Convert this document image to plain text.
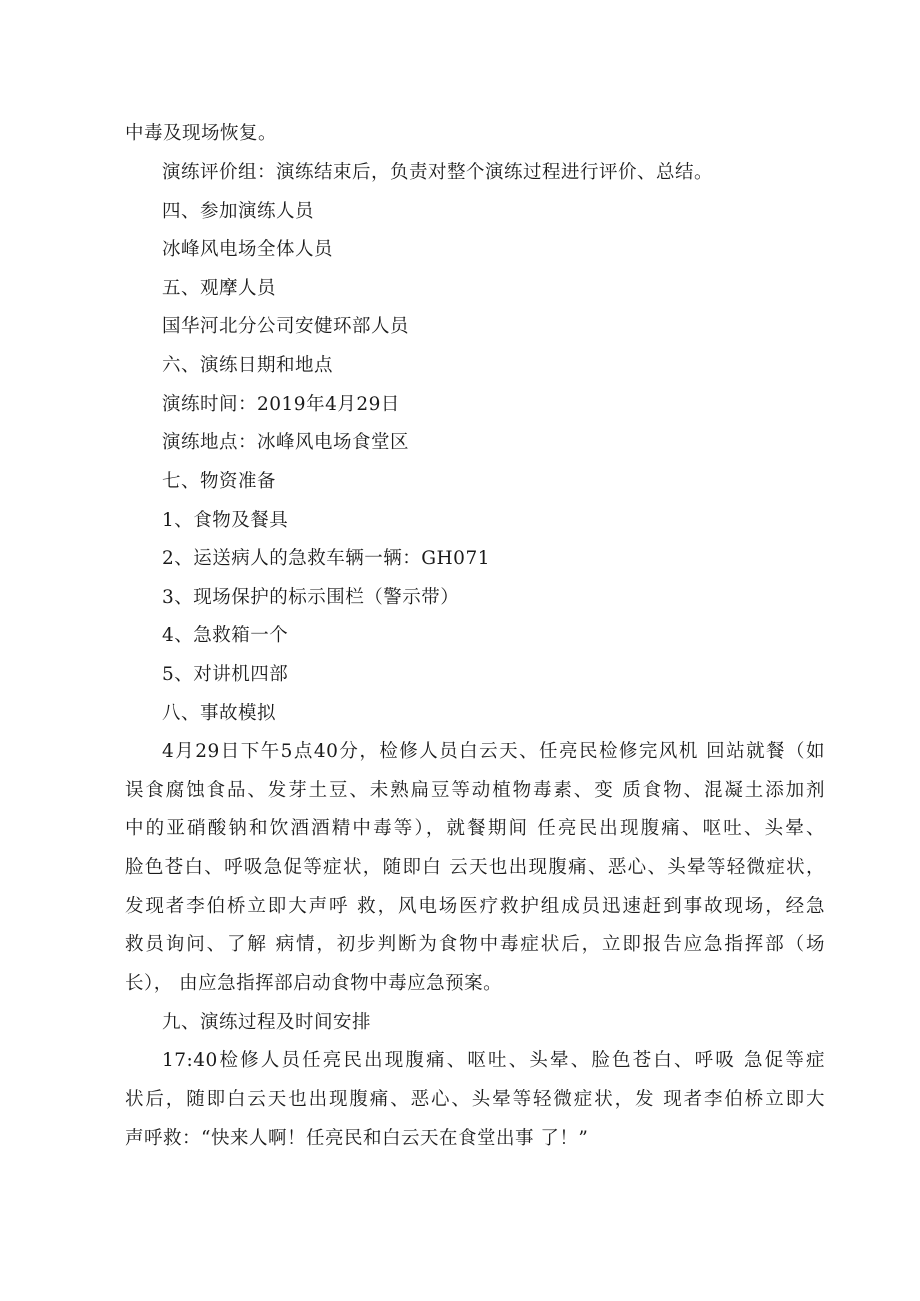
中毒及现场恢复。
演练评价组：演练结束后，负责对整个演练过程进行评价、总结。
四、参加演练人员
冰峰风电场全体人员
五、观摩人员
国华河北分公司安健环部人员
六、演练日期和地点
演练时间：2019年4月29日
演练地点：冰峰风电场食堂区
七、物资准备
1、食物及餐具
2、运送病人的急救车辆一辆：GH071
3、现场保护的标示围栏（警示带）
4、急救箱一个
5、对讲机四部
八、事故模拟
4月29日下午5点40分，检修人员白云天、任亮民检修完风机 回站就餐（如
误食腐蚀食品、发芽土豆、未熟扁豆等动植物毒素、变 质食物、混凝土添加剂
中的亚硝酸钠和饮酒酒精中毒等），就餐期间 任亮民出现腹痛、呕吐、头晕、
脸色苍白、呼吸急促等症状，随即白 云天也出现腹痛、恶心、头晕等轻微症状，
发现者李伯桥立即大声呼 救，风电场医疗救护组成员迅速赶到事故现场，经急
救员询问、了解 病情，初步判断为食物中毒症状后，立即报告应急指挥部（场
长）， 由应急指挥部启动食物中毒应急预案。
九、演练过程及时间安排
17:40检修人员任亮民出现腹痛、呕吐、头晕、脸色苍白、呼吸 急促等症
状后，随即白云天也出现腹痛、恶心、头晕等轻微症状，发 现者李伯桥立即大
声呼救：“快来人啊！任亮民和白云天在食堂出事 了！”
